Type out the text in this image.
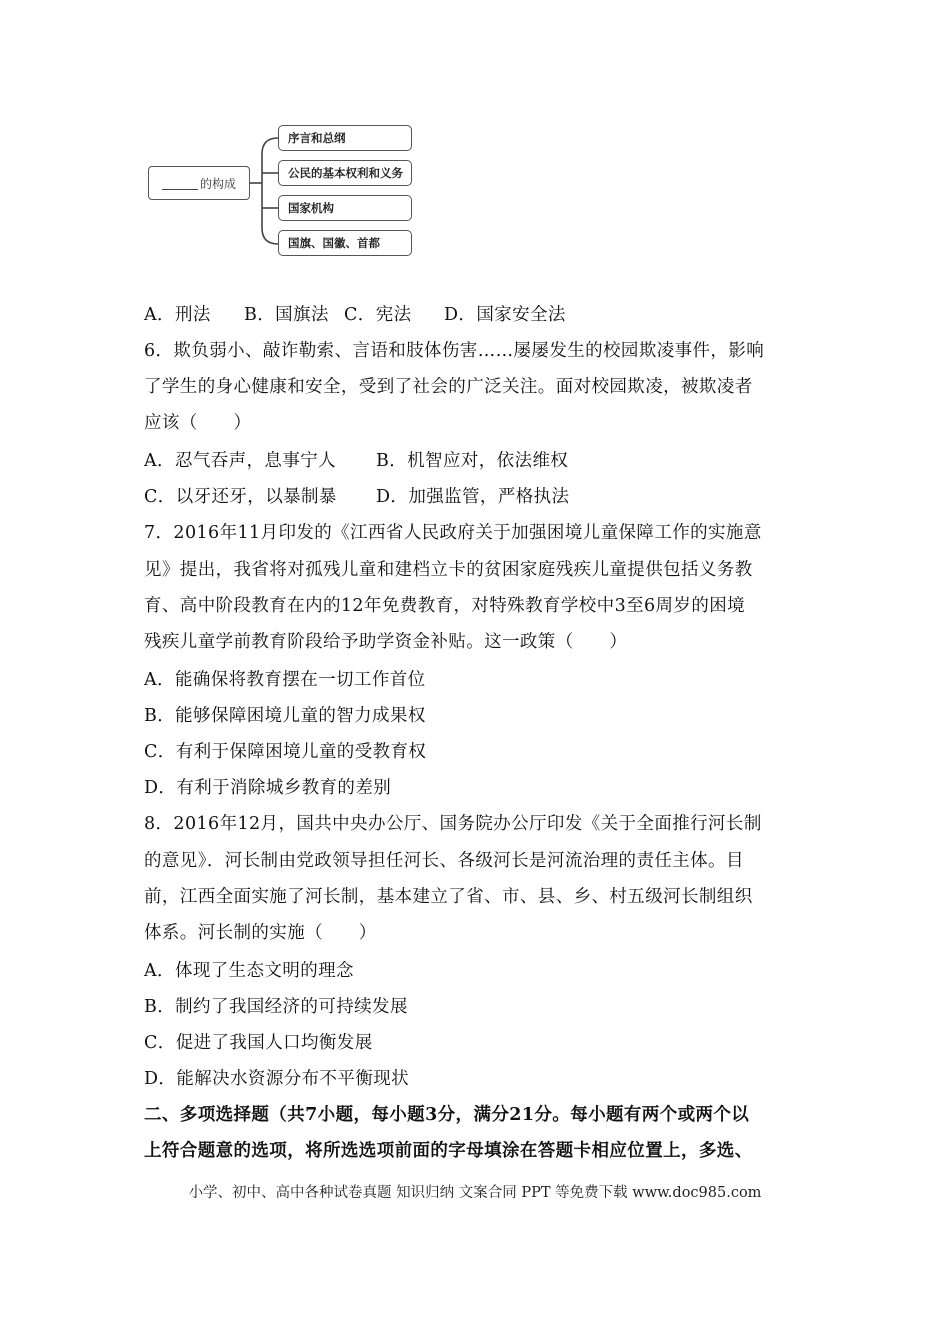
的构成
序言和总纲
公民的基本权利和义务
国家机构
国旗、国徽、首都
A．刑法 B．国旗法 C．宪法 D．国家安全法
6．欺负弱小、敲诈勒索、言语和肢体伤害……屡屡发生的校园欺凌事件，影响
了学生的身心健康和安全，受到了社会的广泛关注。面对校园欺凌，被欺凌者
应该（　　）
A．忍气吞声，息事宁人 B．机智应对，依法维权
C．以牙还牙，以暴制暴 D．加强监管，严格执法
7．2016年11月印发的《江西省人民政府关于加强困境儿童保障工作的实施意
见》提出，我省将对孤残儿童和建档立卡的贫困家庭残疾儿童提供包括义务教
育、高中阶段教育在内的12年免费教育，对特殊教育学校中3至6周岁的困境
残疾儿童学前教育阶段给予助学资金补贴。这一政策（　　）
A．能确保将教育摆在一切工作首位
B．能够保障困境儿童的智力成果权
C．有利于保障困境儿童的受教育权
D．有利于消除城乡教育的差别
8．2016年12月，国共中央办公厅、国务院办公厅印发《关于全面推行河长制
的意见》．河长制由党政领导担任河长、各级河长是河流治理的责任主体。目
前，江西全面实施了河长制，基本建立了省、市、县、乡、村五级河长制组织
体系。河长制的实施（　　）
A．体现了生态文明的理念
B．制约了我国经济的可持续发展
C．促进了我国人口均衡发展
D．能解决水资源分布不平衡现状
二、多项选择题（共7小题，每小题3分，满分21分。每小题有两个或两个以
上符合题意的选项，将所选选项前面的字母填涂在答题卡相应位置上，多选、
小学、初中、高中各种试卷真题 知识归纳 文案合同 PPT 等免费下载 www.doc985.com
